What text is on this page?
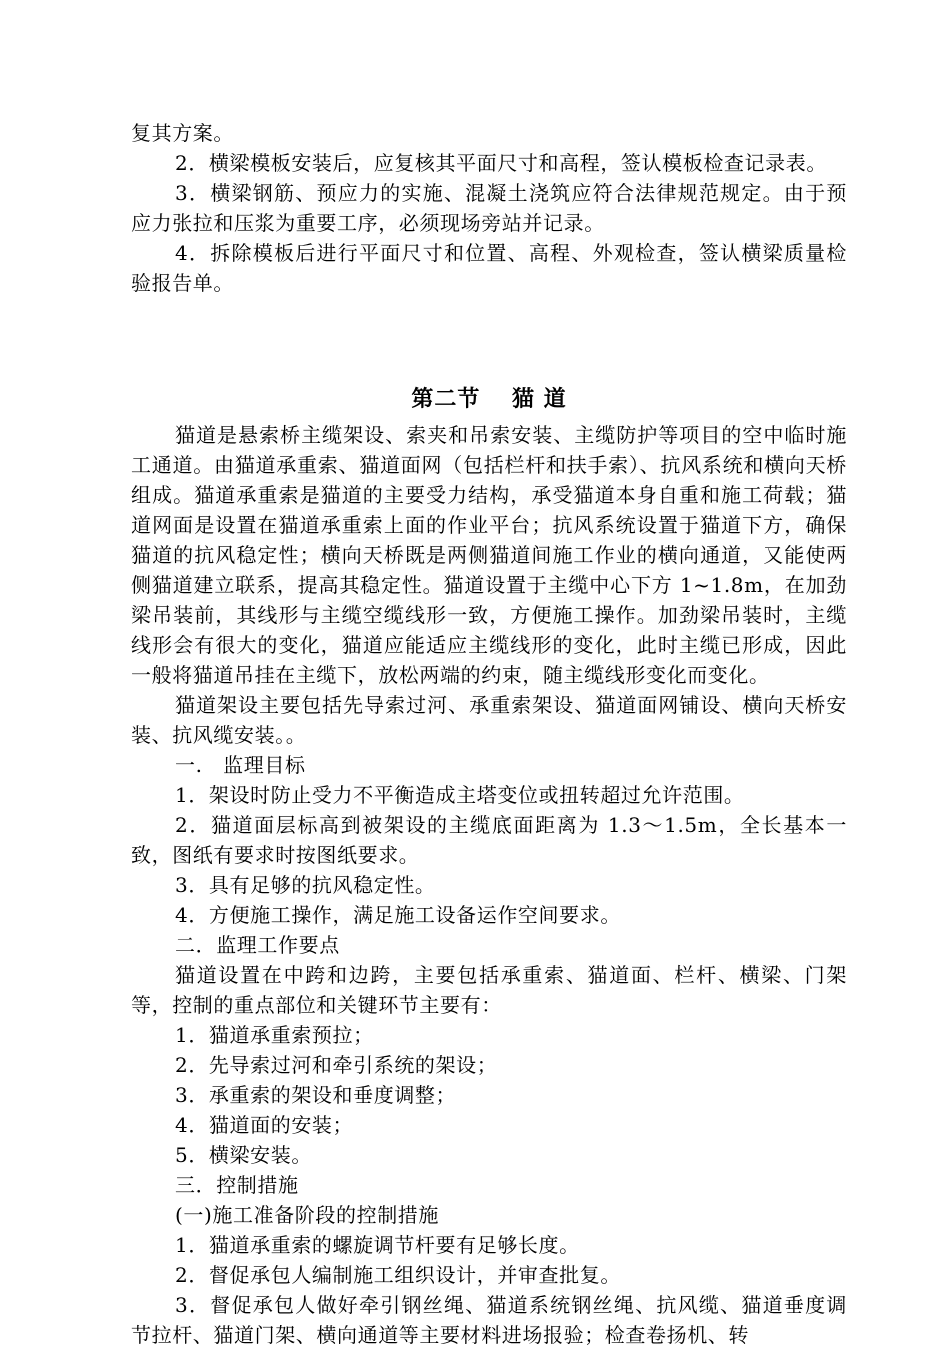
复其方案。

2．横梁模板安装后，应复核其平面尺寸和高程，签认模板检查记录表。

3．横梁钢筋、预应力的实施、混凝土浇筑应符合法律规范规定。由于预应力张拉和压浆为重要工序，必须现场旁站并记录。

4．拆除模板后进行平面尺寸和位置、高程、外观检查，签认横梁质量检验报告单。

第二节　 猫 道

猫道是悬索桥主缆架设、索夹和吊索安装、主缆防护等项目的空中临时施工通道。由猫道承重索、猫道面网（包括栏杆和扶手索）、抗风系统和横向天桥组成。猫道承重索是猫道的主要受力结构，承受猫道本身自重和施工荷载；猫道网面是设置在猫道承重索上面的作业平台；抗风系统设置于猫道下方，确保猫道的抗风稳定性；横向天桥既是两侧猫道间施工作业的横向通道，又能使两侧猫道建立联系，提高其稳定性。猫道设置于主缆中心下方 1~1.8m，在加劲梁吊装前，其线形与主缆空缆线形一致，方便施工操作。加劲梁吊装时，主缆线形会有很大的变化，猫道应能适应主缆线形的变化，此时主缆已形成，因此一般将猫道吊挂在主缆下，放松两端的约束，随主缆线形变化而变化。

猫道架设主要包括先导索过河、承重索架设、猫道面网铺设、横向天桥安装、抗风缆安装。。

一.　监理目标

1．架设时防止受力不平衡造成主塔变位或扭转超过允许范围。

2．猫道面层标高到被架设的主缆底面距离为 1.3～1.5m，全长基本一致，图纸有要求时按图纸要求。

3．具有足够的抗风稳定性。

4．方便施工操作，满足施工设备运作空间要求。

二．监理工作要点

猫道设置在中跨和边跨，主要包括承重索、猫道面、栏杆、横梁、门架等，控制的重点部位和关键环节主要有：

1．猫道承重索预拉；

2．先导索过河和牵引系统的架设；

3．承重索的架设和垂度调整；

4．猫道面的安装；

5．横梁安装。

三．控制措施

(一)施工准备阶段的控制措施

1．猫道承重索的螺旋调节杆要有足够长度。

2．督促承包人编制施工组织设计，并审查批复。

3．督促承包人做好牵引钢丝绳、猫道系统钢丝绳、抗风缆、猫道垂度调节拉杆、猫道门架、横向通道等主要材料进场报验；检查卷扬机、转
